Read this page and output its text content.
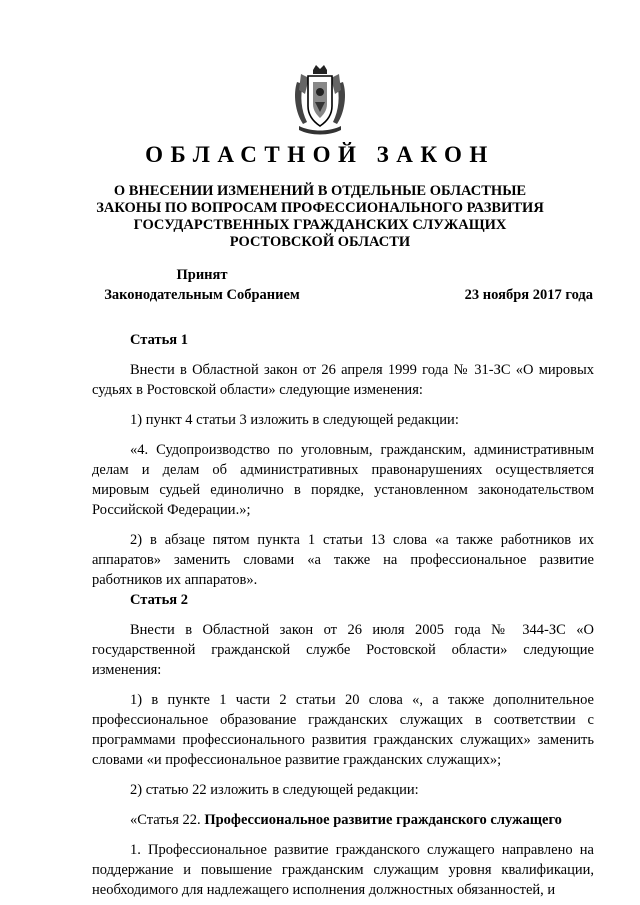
ОБЛАСТНОЙ ЗАКОН
О ВНЕСЕНИИ ИЗМЕНЕНИЙ В ОТДЕЛЬНЫЕ ОБЛАСТНЫЕ ЗАКОНЫ ПО ВОПРОСАМ ПРОФЕССИОНАЛЬНОГО РАЗВИТИЯ ГОСУДАРСТВЕННЫХ ГРАЖДАНСКИХ СЛУЖАЩИХ РОСТОВСКОЙ ОБЛАСТИ
Принят
Законодательным Собранием	23 ноября 2017 года

Статья 1

Внести в Областной закон от 26 апреля 1999 года № 31-ЗС «О мировых судьях в Ростовской области» следующие изменения:

1) пункт 4 статьи 3 изложить в следующей редакции:

«4. Судопроизводство по уголовным, гражданским, административным делам и делам об административных правонарушениях осуществляется мировым судьей единолично в порядке, установленном законодательством Российской Федерации.»;

2) в абзаце пятом пункта 1 статьи 13 слова «а также работников их аппаратов» заменить словами «а также на профессиональное развитие работников их аппаратов».

Статья 2

Внести в Областной закон от 26 июля 2005 года № 344-ЗС «О государственной гражданской службе Ростовской области» следующие изменения:

1) в пункте 1 части 2 статьи 20 слова «, а также дополнительное профессиональное образование гражданских служащих в соответствии с программами профессионального развития гражданских служащих» заменить словами «и профессиональное развитие гражданских служащих»;

2) статью 22 изложить в следующей редакции:

«Статья 22. Профессиональное развитие гражданского служащего

1. Профессиональное развитие гражданского служащего направлено на поддержание и повышение гражданским служащим уровня квалификации, необходимого для надлежащего исполнения должностных обязанностей, и
